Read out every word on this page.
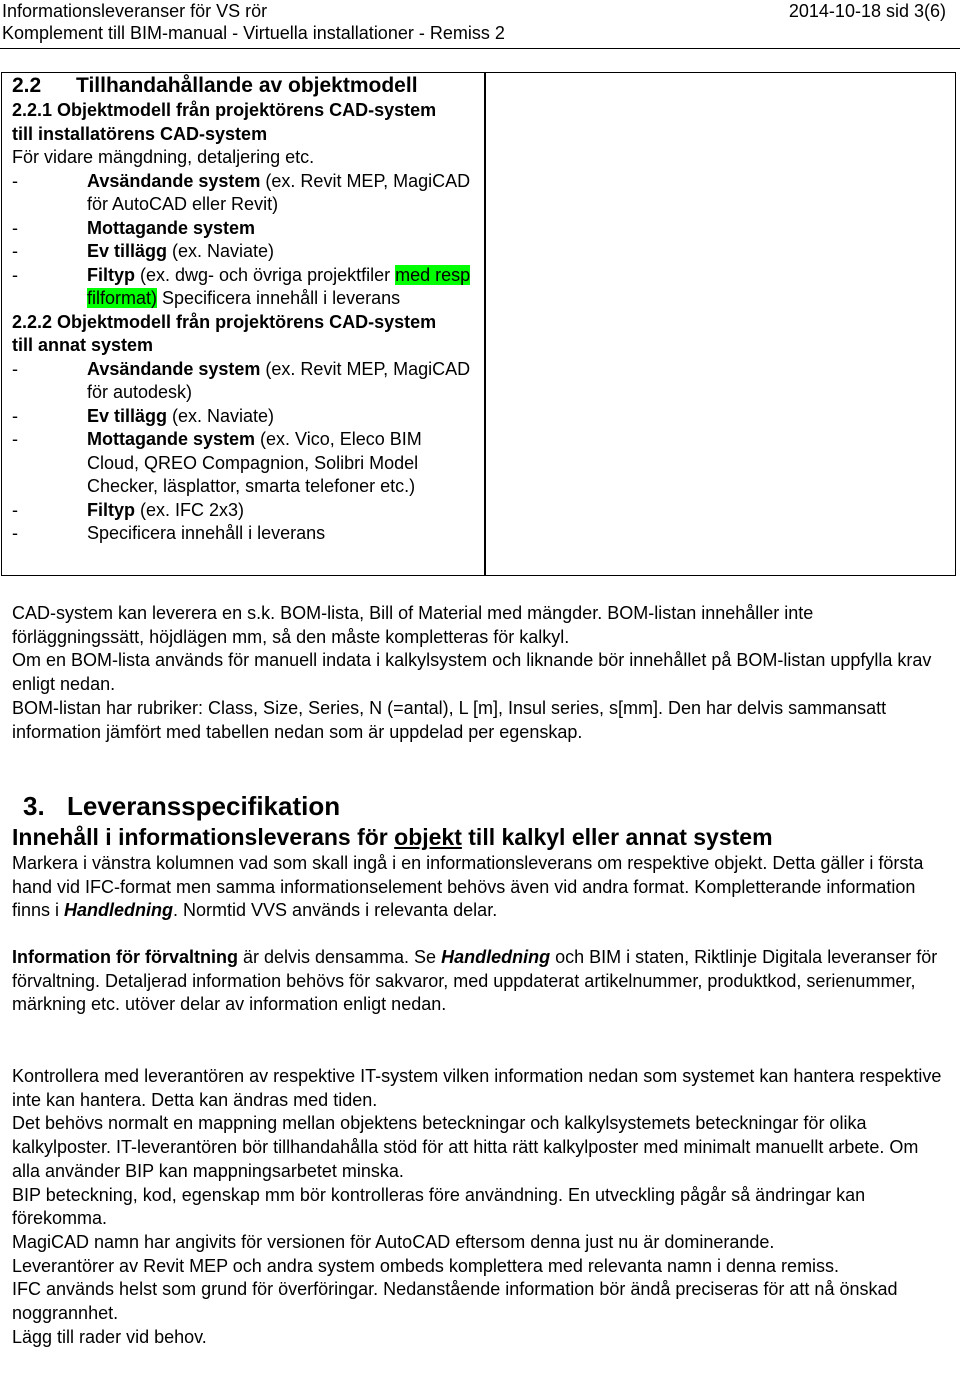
Informationsleveranser för VS rör
Komplement till BIM-manual - Virtuella installationer - Remiss 2
2014-10-18 sid 3(6)
2.2 Tillhandahållande av objektmodell
2.2.1 Objektmodell från projektörens CAD-system till installatörens CAD-system
För vidare mängdning, detaljering etc.
-	Avsändande system (ex. Revit MEP, MagiCAD för AutoCAD eller Revit)
-	Mottagande system
-	Ev tillägg (ex. Naviate)
-	Filtyp (ex. dwg- och övriga projektfiler med resp filformat) Specificera innehåll i leverans
2.2.2 Objektmodell från projektörens CAD-system till annat system
-	Avsändande system (ex. Revit MEP, MagiCAD för autodesk)
-	Ev tillägg (ex. Naviate)
-	Mottagande system (ex. Vico, Eleco BIM Cloud, QREO Compagnion, Solibri Model Checker, läsplattor, smarta telefoner etc.)
-	Filtyp (ex. IFC 2x3)
-	Specificera innehåll i leverans
CAD-system kan leverera en s.k. BOM-lista, Bill of Material med mängder. BOM-listan innehåller inte förläggningssätt, höjdlägen mm, så den måste kompletteras för kalkyl.
Om en BOM-lista används för manuell indata i kalkylsystem och liknande bör innehållet på BOM-listan uppfylla krav enligt nedan.
BOM-listan har rubriker: Class, Size, Series, N (=antal), L [m], Insul series, s[mm]. Den har delvis sammansatt information jämfört med tabellen nedan som är uppdelad per egenskap.
3. Leveransspecifikation
Innehåll i informationsleverans för objekt till kalkyl eller annat system
Markera i vänstra kolumnen vad som skall ingå i en informationsleverans om respektive objekt. Detta gäller i första hand vid IFC-format men samma informationselement behövs även vid andra format. Kompletterande information finns i Handledning. Normtid VVS används i relevanta delar.
Information för förvaltning är delvis densamma. Se Handledning och BIM i staten, Riktlinje Digitala leveranser för förvaltning. Detaljerad information behövs för sakvaror, med uppdaterat artikelnummer, produktkod, serienummer, märkning etc. utöver delar av information enligt nedan.
Kontrollera med leverantören av respektive IT-system vilken information nedan som systemet kan hantera respektive inte kan hantera. Detta kan ändras med tiden.
Det behövs normalt en mappning mellan objektens beteckningar och kalkylsystemets beteckningar för olika kalkylposter. IT-leverantören bör tillhandahålla stöd för att hitta rätt kalkylposter med minimalt manuellt arbete. Om alla använder BIP kan mappningsarbetet minska.
BIP beteckning, kod, egenskap mm bör kontrolleras före användning. En utveckling pågår så ändringar kan förekomma.
MagiCAD namn har angivits för versionen för AutoCAD eftersom denna just nu är dominerande.
Leverantörer av Revit MEP och andra system ombeds komplettera med relevanta namn i denna remiss.
IFC används helst som grund för överföringar. Nedanstående information bör ändå preciseras för att nå önskad noggrannhet.
Lägg till rader vid behov.
